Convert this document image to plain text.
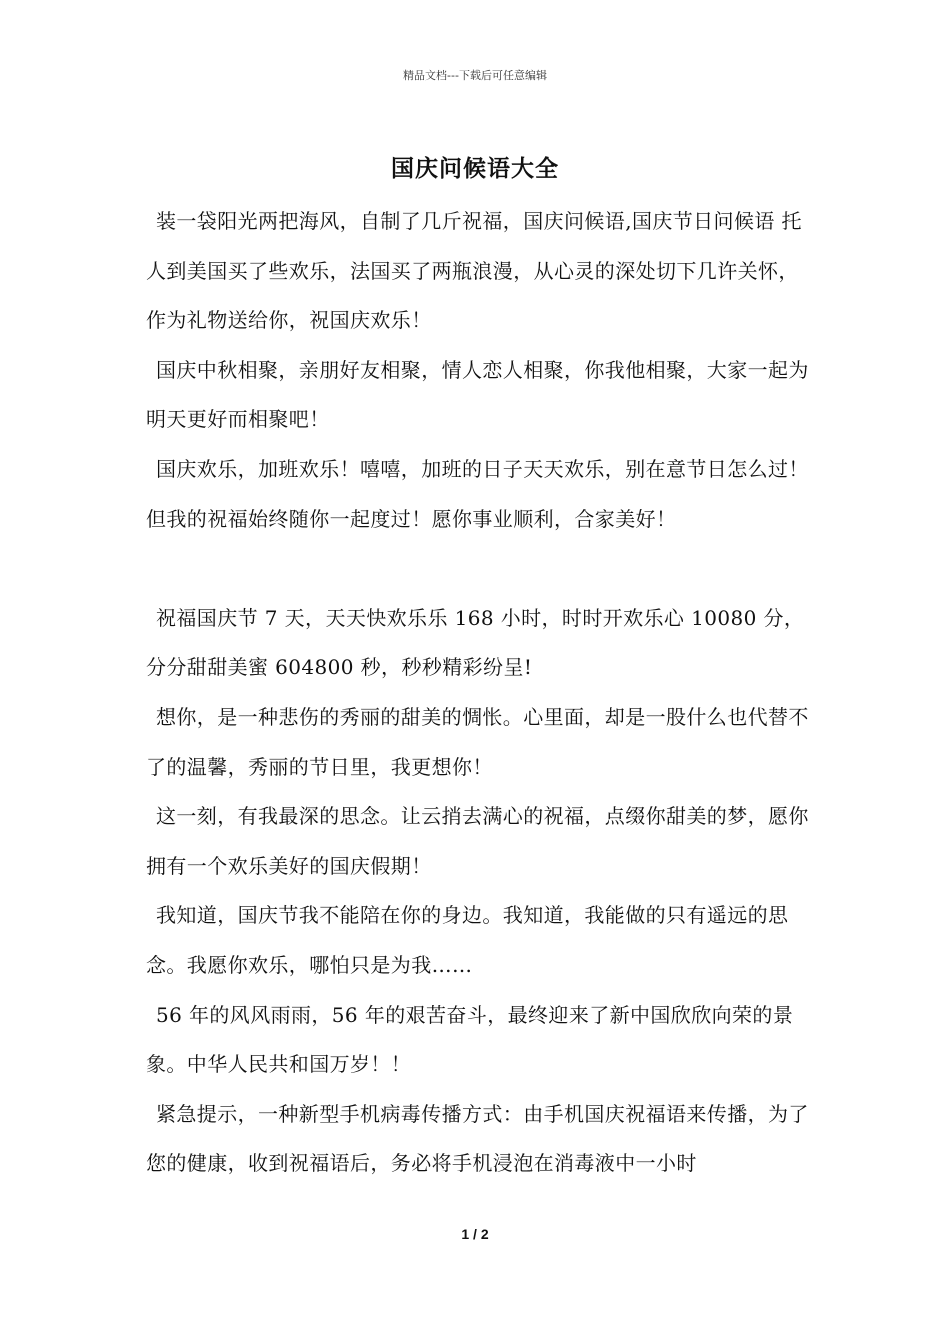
精品文档---下载后可任意编辑
国庆问候语大全

装一袋阳光两把海风，自制了几斤祝福，国庆问候语,国庆节日问候语 托人到美国买了些欢乐，法国买了两瓶浪漫，从心灵的深处切下几许关怀，作为礼物送给你，祝国庆欢乐！

国庆中秋相聚，亲朋好友相聚，情人恋人相聚，你我他相聚，大家一起为明天更好而相聚吧！

国庆欢乐，加班欢乐！嘻嘻，加班的日子天天欢乐，别在意节日怎么过！但我的祝福始终随你一起度过！愿你事业顺利，合家美好！

祝福国庆节 7 天，天天快欢乐乐 168 小时，时时开欢乐心 10080 分，分分甜甜美蜜 604800 秒，秒秒精彩纷呈!

想你，是一种悲伤的秀丽的甜美的惆怅。心里面，却是一股什么也代替不了的温馨，秀丽的节日里，我更想你！

这一刻，有我最深的思念。让云捎去满心的祝福，点缀你甜美的梦，愿你拥有一个欢乐美好的国庆假期！

我知道，国庆节我不能陪在你的身边。我知道，我能做的只有遥远的思念。我愿你欢乐，哪怕只是为我……

56 年的风风雨雨，56 年的艰苦奋斗，最终迎来了新中国欣欣向荣的景象。中华人民共和国万岁！！

紧急提示，一种新型手机病毒传播方式：由手机国庆祝福语来传播，为了您的健康，收到祝福语后，务必将手机浸泡在消毒液中一小时

1 / 2
